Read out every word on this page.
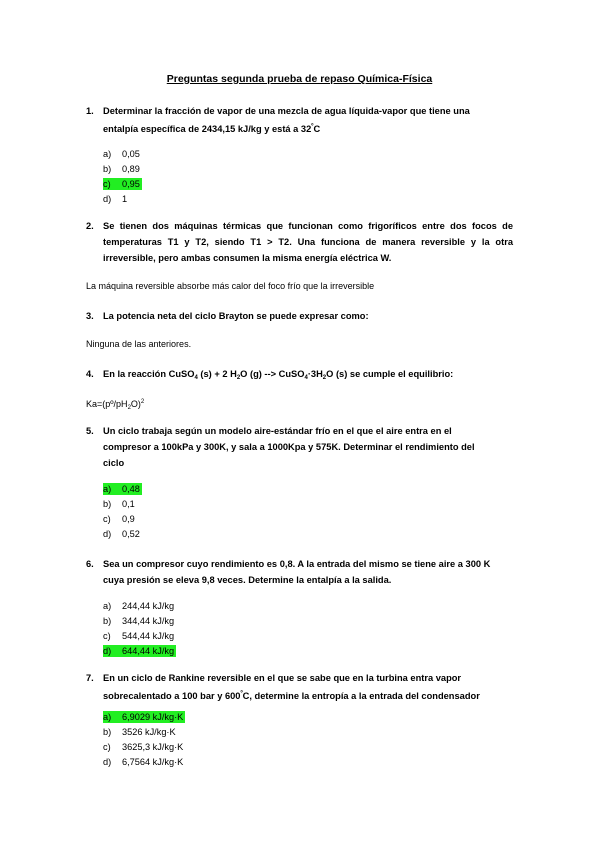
Preguntas segunda prueba de repaso Química-Física
1. Determinar la fracción de vapor de una mezcla de agua líquida-vapor que tiene una
entalpía específica de 2434,15 kJ/kg y está a $32^ºC$
a) 0,05
b) 0,89
c) 0,95
d) 1
2. Se tienen dos máquinas térmicas que funcionan como frigoríficos entre dos focos de temperaturas T1 y T2, siendo T1 > T2. Una funciona de manera reversible y la otra irreversible, pero ambas consumen la misma energía eléctrica W.
La máquina reversible absorbe más calor del foco frío que la irreversible
3. La potencia neta del ciclo Brayton se puede expresar como:
Ninguna de las anteriores.
4. En la reacción CuSO$_4$ (s) + 2 $H_2O$ (g) --> $CuSO_4\cdot 3H_2O$ (s) se cumple el equilibrio:
$Ka=(pº/pH_2O)^2$
5. Un ciclo trabaja según un modelo aire-estándar frío en el que el aire entra en el
compresor a 100kPa y 300K, y sala a 1000Kpa y 575K. Determinar el rendimiento del
ciclo
a) 0,48
b) 0,1
c) 0,9
d) 0,52
6. Sea un compresor cuyo rendimiento es 0,8. A la entrada del mismo se tiene aire a 300 K
cuya presión se eleva 9,8 veces. Determine la entalpía a la salida.
a) 244,44 kJ/kg
b) 344,44 kJ/kg
c) 544,44 kJ/kg
d) 644,44 kJ/kg
7. En un ciclo de Rankine reversible en el que se sabe que en la turbina entra vapor
sobrecalentado a 100 bar y $600^ºC$, determine la entropía a la entrada del condensador
a) 6,9029 kJ/kg·K
b) 3526 kJ/kg·K
c) 3625,3 kJ/kg·K
d) 6,7564 kJ/kg·K
